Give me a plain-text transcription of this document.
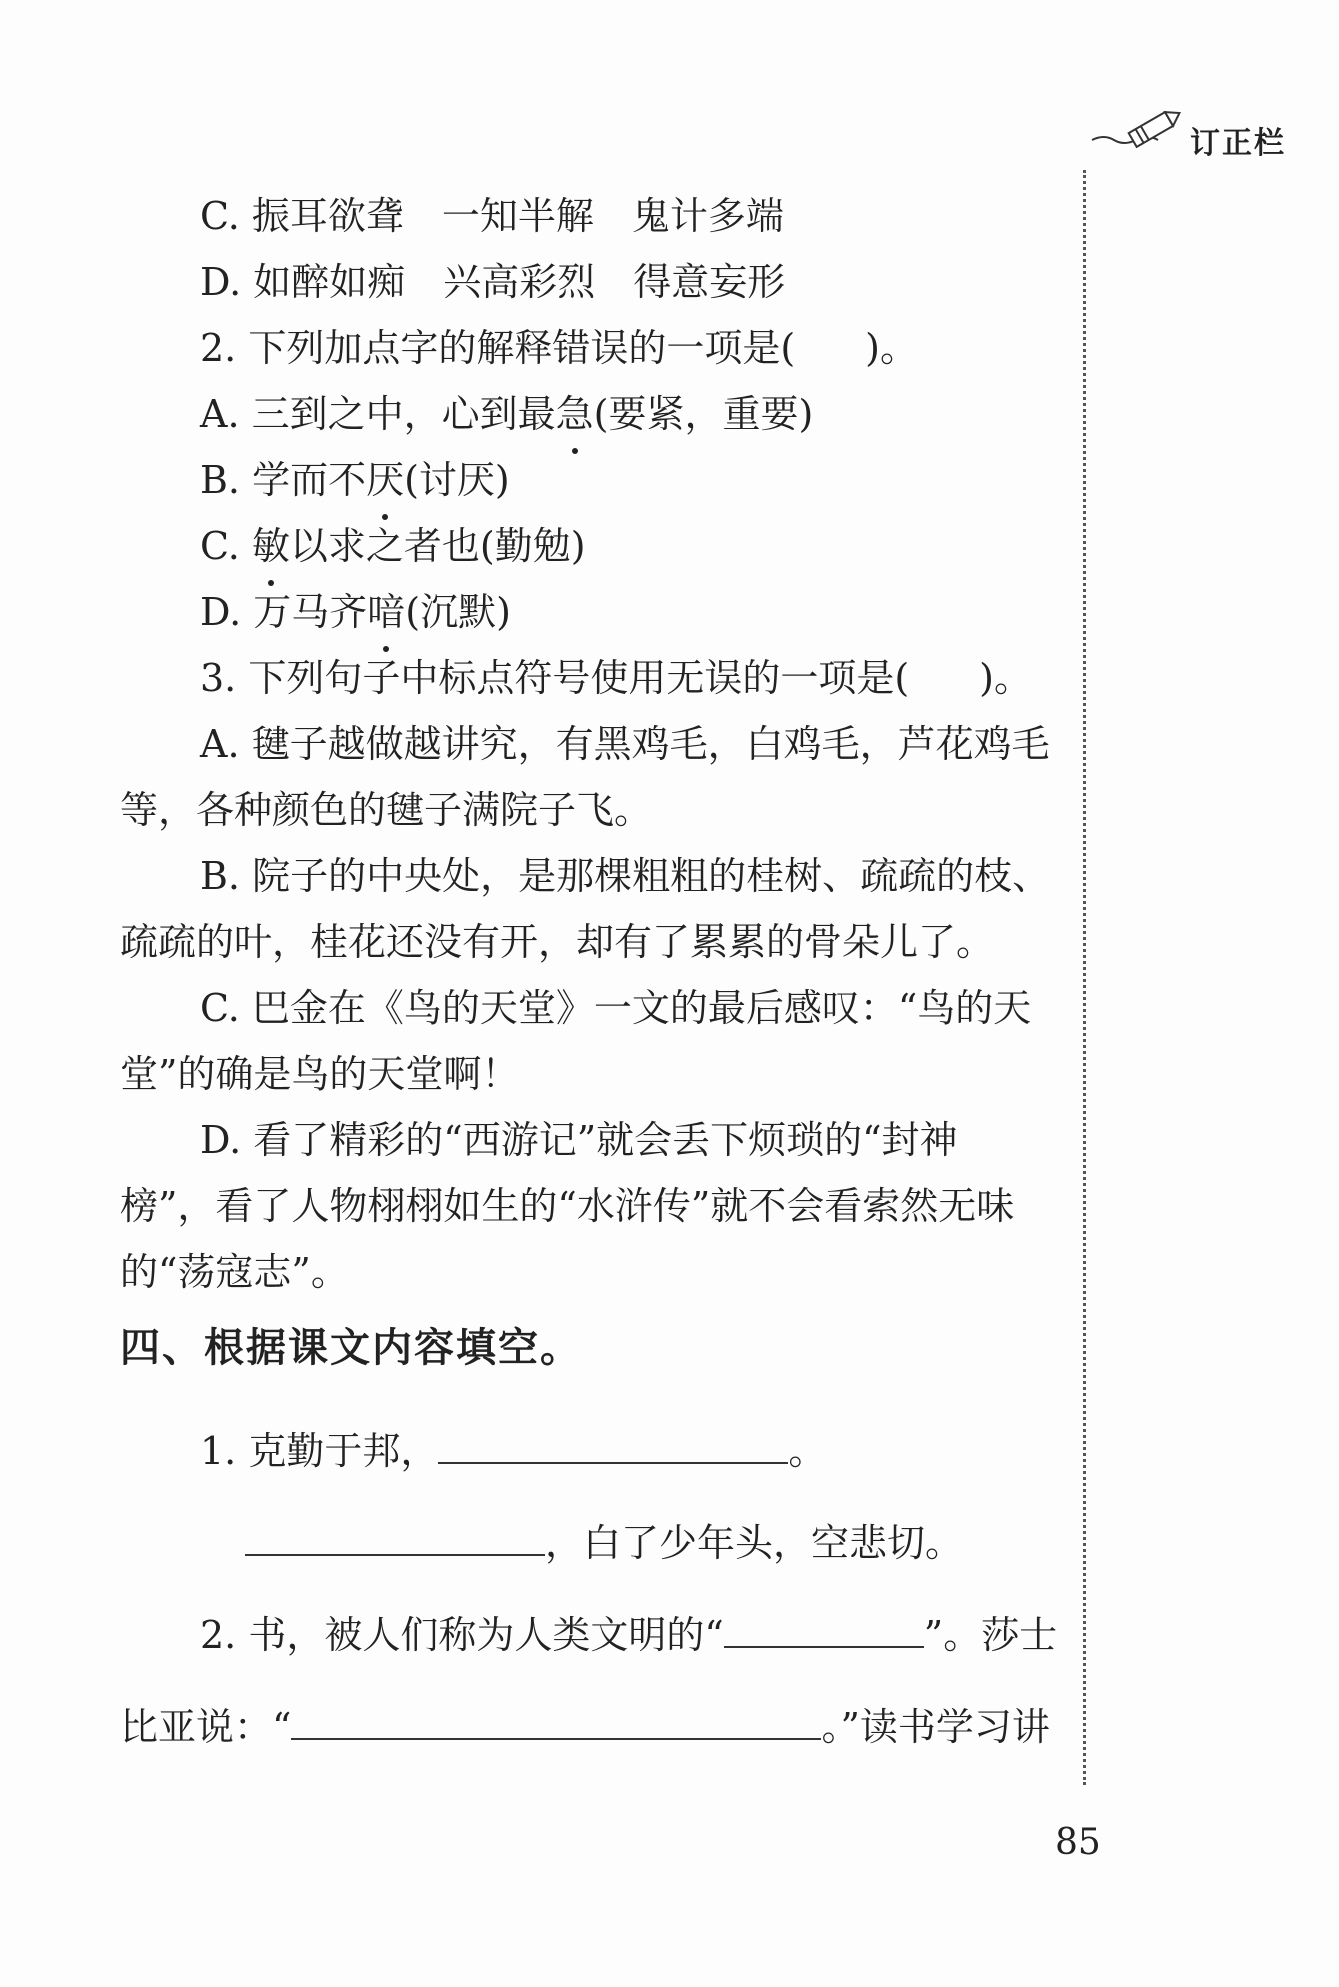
订正栏
C. 振耳欲聋　一知半解　鬼计多端
D. 如醉如痴　兴高彩烈　得意妄形
2. 下列加点字的解释错误的一项是( )。
A. 三到之中，心到最急(要紧，重要)
B. 学而不厌(讨厌)
C. 敏以求之者也(勤勉)
D. 万马齐喑(沉默)
3. 下列句子中标点符号使用无误的一项是( )。
A. 毽子越做越讲究，有黑鸡毛，白鸡毛，芦花鸡毛
等，各种颜色的毽子满院子飞。
B. 院子的中央处，是那棵粗粗的桂树、疏疏的枝、
疏疏的叶，桂花还没有开，却有了累累的骨朵儿了。
C. 巴金在《鸟的天堂》一文的最后感叹：“鸟的天
堂”的确是鸟的天堂啊！
D. 看了精彩的“西游记”就会丢下烦琐的“封神
榜”，看了人物栩栩如生的“水浒传”就不会看索然无味
的“荡寇志”。
四、根据课文内容填空。
1. 克勤于邦，	。
，白了少年头，空悲切。
2. 书，被人们称为人类文明的“	”。莎士
比亚说：“	。”读书学习讲
85
